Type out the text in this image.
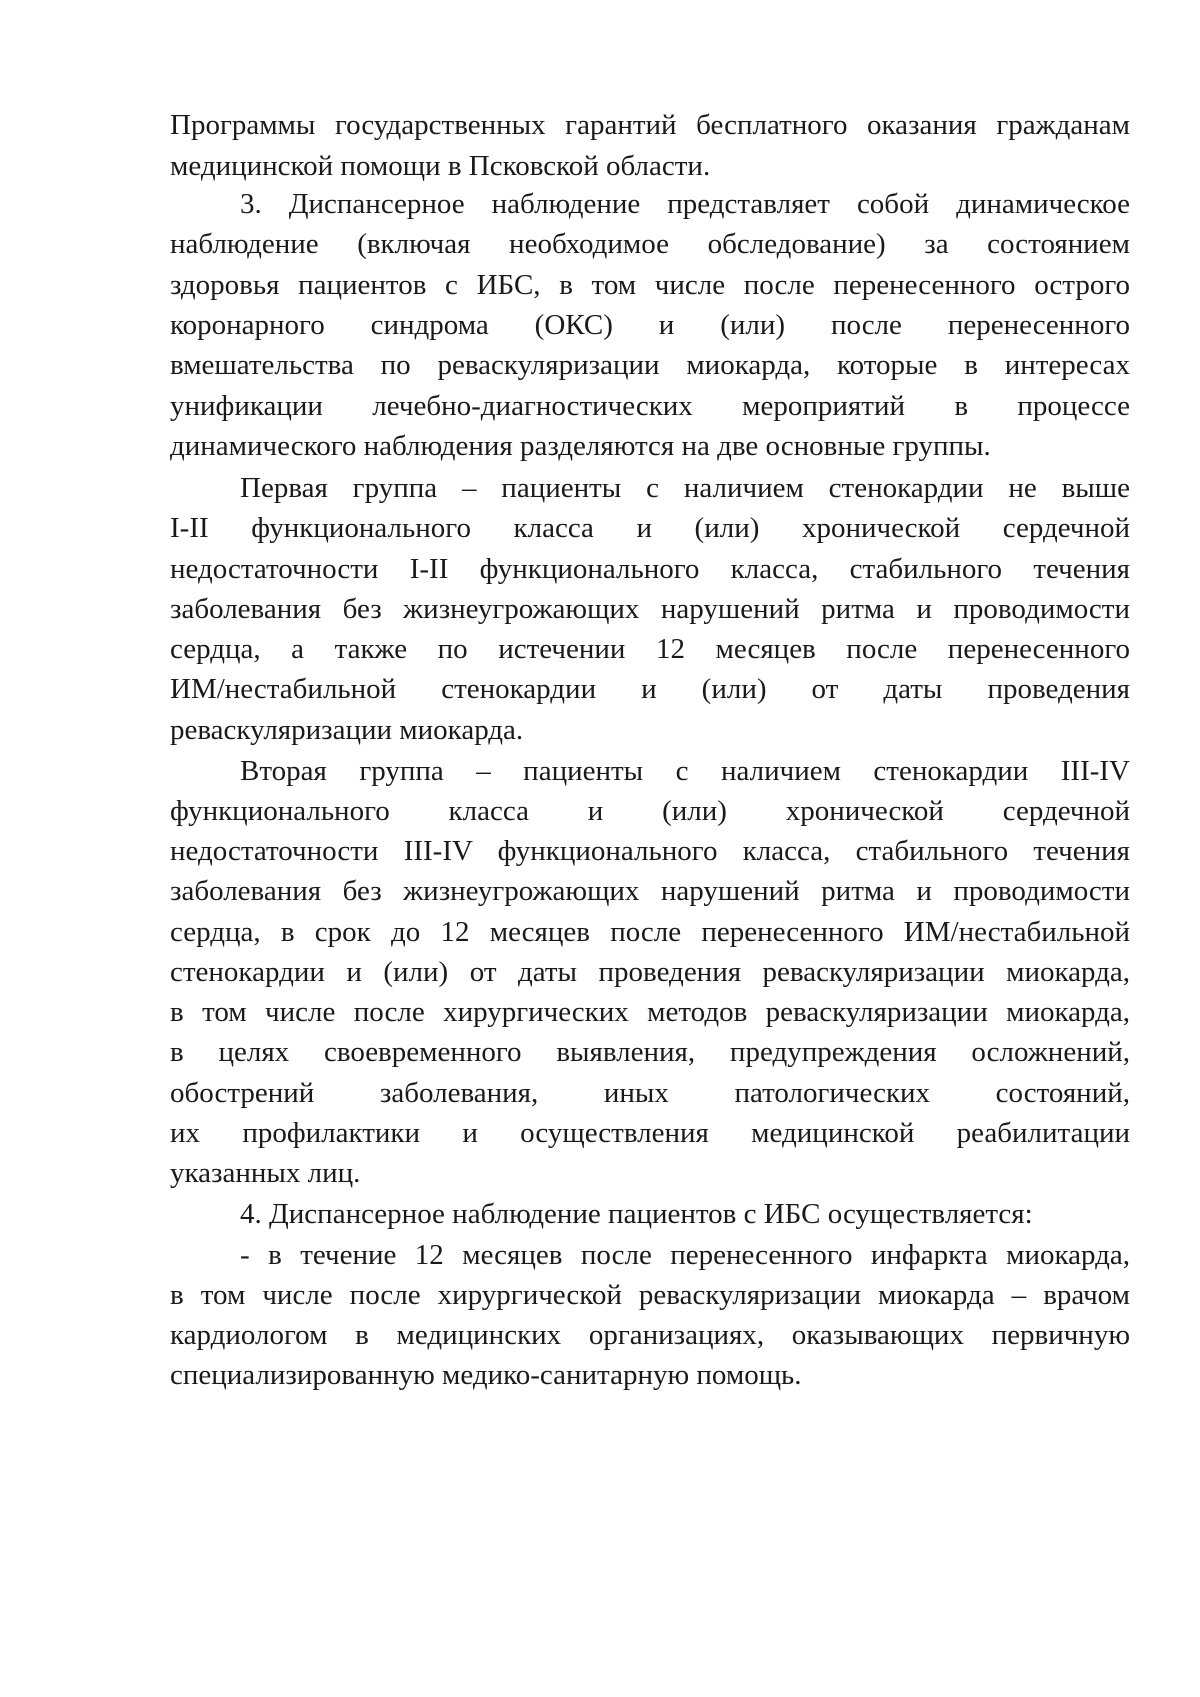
Программы государственных гарантий бесплатного оказания гражданам
медицинской помощи в Псковской области.
3. Диспансерное наблюдение представляет собой динамическое
наблюдение (включая необходимое обследование) за состоянием
здоровья пациентов с ИБС, в том числе после перенесенного острого
коронарного синдрома (ОКС) и (или) после перенесенного
вмешательства по реваскуляризации миокарда, которые в интересах
унификации лечебно-диагностических мероприятий в процессе
динамического наблюдения разделяются на две основные группы.
Первая группа – пациенты с наличием стенокардии не выше
I-II функционального класса и (или) хронической сердечной
недостаточности I-II функционального класса, стабильного течения
заболевания без жизнеугрожающих нарушений ритма и проводимости
сердца, а также по истечении 12 месяцев после перенесенного
ИМ/нестабильной стенокардии и (или) от даты проведения
реваскуляризации миокарда.
Вторая группа – пациенты с наличием стенокардии III-IV
функционального класса и (или) хронической сердечной
недостаточности III-IV функционального класса, стабильного течения
заболевания без жизнеугрожающих нарушений ритма и проводимости
сердца, в срок до 12 месяцев после перенесенного ИМ/нестабильной
стенокардии и (или) от даты проведения реваскуляризации миокарда,
в том числе после хирургических методов реваскуляризации миокарда,
в целях своевременного выявления, предупреждения осложнений,
обострений заболевания, иных патологических состояний,
их профилактики и осуществления медицинской реабилитации
указанных лиц.
4. Диспансерное наблюдение пациентов с ИБС осуществляется:
- в течение 12 месяцев после перенесенного инфаркта миокарда,
в том числе после хирургической реваскуляризации миокарда – врачом
кардиологом в медицинских организациях, оказывающих первичную
специализированную медико-санитарную помощь.
